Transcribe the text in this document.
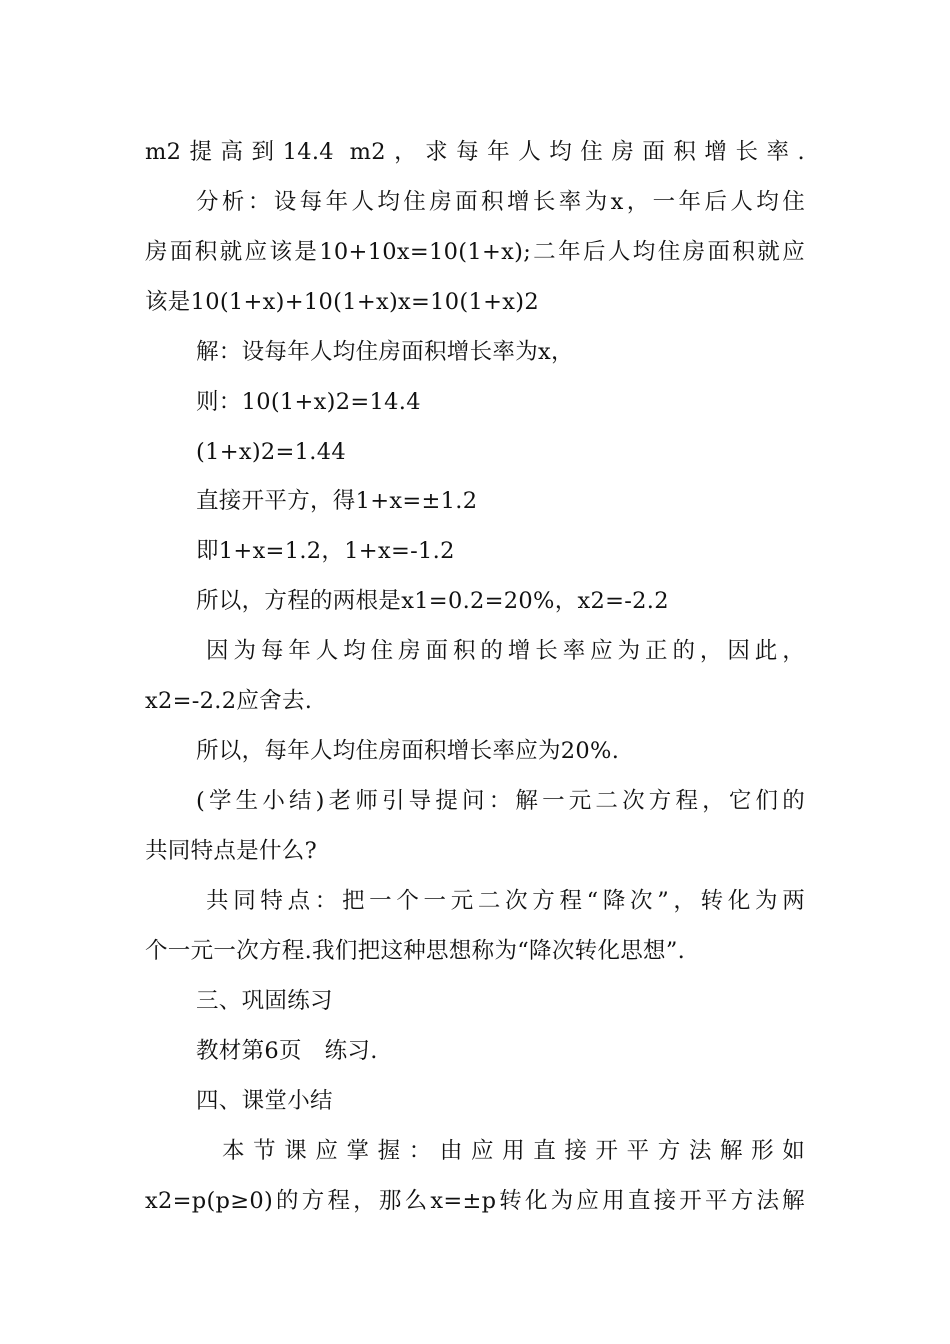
m2提高到14.4 m2，求每年人均住房面积增长率.
分析：设每年人均住房面积增长率为x，一年后人均住
房面积就应该是10+10x=10(1+x);二年后人均住房面积就应
该是10(1+x)+10(1+x)x=10(1+x)2
解：设每年人均住房面积增长率为x，
则：10(1+x)2=14.4
(1+x)2=1.44
直接开平方，得1+x=±1.2
即1+x=1.2，1+x=-1.2
所以，方程的两根是x1=0.2=20%，x2=-2.2
因为每年人均住房面积的增长率应为正的，因此，
x2=-2.2应舍去.
所以，每年人均住房面积增长率应为20%.
(学生小结)老师引导提问：解一元二次方程，它们的
共同特点是什么?
共同特点：把一个一元二次方程“降次”，转化为两
个一元一次方程.我们把这种思想称为“降次转化思想”.
三、巩固练习
教材第6页　练习.
四、课堂小结
本节课应掌握：由应用直接开平方法解形如
x2=p(p≥0)的方程，那么x=±p转化为应用直接开平方法解
